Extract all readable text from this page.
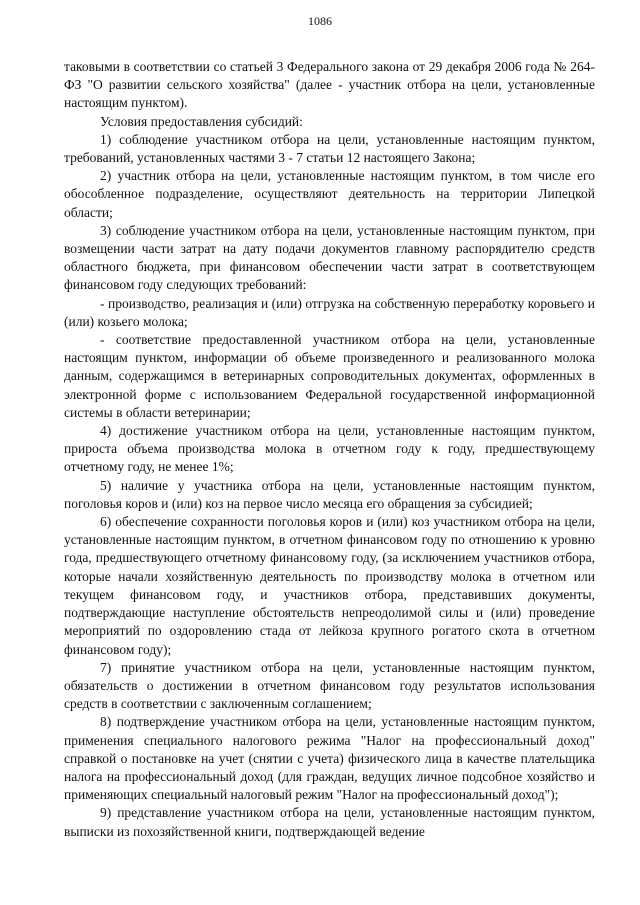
1086

таковыми в соответствии со статьей 3 Федерального закона от 29 декабря 2006 года № 264-ФЗ "О развитии сельского хозяйства" (далее - участник отбора на цели, установленные настоящим пунктом).

Условия предоставления субсидий:

1) соблюдение участником отбора на цели, установленные настоящим пунктом, требований, установленных частями 3 - 7 статьи 12 настоящего Закона;

2) участник отбора на цели, установленные настоящим пунктом, в том числе его обособленное подразделение, осуществляют деятельность на территории Липецкой области;

3) соблюдение участником отбора на цели, установленные настоящим пунктом, при возмещении части затрат на дату подачи документов главному распорядителю средств областного бюджета, при финансовом обеспечении части затрат в соответствующем финансовом году следующих требований:

- производство, реализация и (или) отгрузка на собственную переработку коровьего и (или) козьего молока;

- соответствие предоставленной участником отбора на цели, установленные настоящим пунктом, информации об объеме произведенного и реализованного молока данным, содержащимся в ветеринарных сопроводительных документах, оформленных в электронной форме с использованием Федеральной государственной информационной системы в области ветеринарии;

4) достижение участником отбора на цели, установленные настоящим пунктом, прироста объема производства молока в отчетном году к году, предшествующему отчетному году, не менее 1%;

5) наличие у участника отбора на цели, установленные настоящим пунктом, поголовья коров и (или) коз на первое число месяца его обращения за субсидией;

6) обеспечение сохранности поголовья коров и (или) коз участником отбора на цели, установленные настоящим пунктом, в отчетном финансовом году по отношению к уровню года, предшествующего отчетному финансовому году, (за исключением участников отбора, которые начали хозяйственную деятельность по производству молока в отчетном или текущем финансовом году, и участников отбора, представивших документы, подтверждающие наступление обстоятельств непреодолимой силы и (или) проведение мероприятий по оздоровлению стада от лейкоза крупного рогатого скота в отчетном финансовом году);

7) принятие участником отбора на цели, установленные настоящим пунктом, обязательств о достижении в отчетном финансовом году результатов использования средств в соответствии с заключенным соглашением;

8) подтверждение участником отбора на цели, установленные настоящим пунктом, применения специального налогового режима "Налог на профессиональный доход" справкой о постановке на учет (снятии с учета) физического лица в качестве плательщика налога на профессиональный доход (для граждан, ведущих личное подсобное хозяйство и применяющих специальный налоговый режим "Налог на профессиональный доход");

9) представление участником отбора на цели, установленные настоящим пунктом, выписки из похозяйственной книги, подтверждающей ведение
